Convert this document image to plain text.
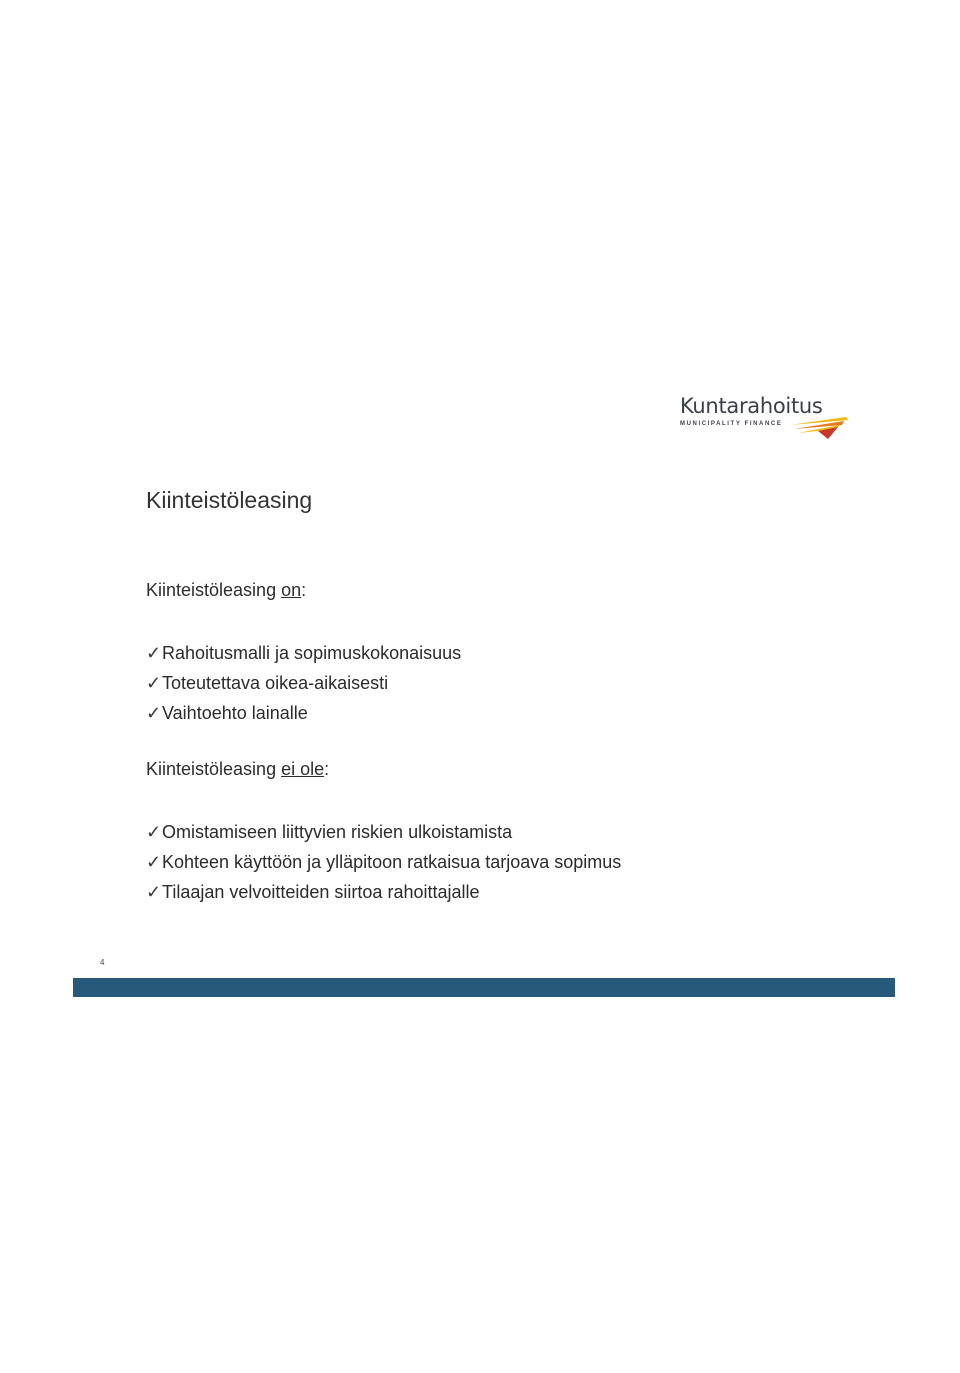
Kuntarahoitus
MUNICIPALITY FINANCE
Kiinteistöleasing
Kiinteistöleasing on:
✓Rahoitusmalli ja sopimuskokonaisuus
✓Toteutettava oikea-aikaisesti
✓Vaihtoehto lainalle
Kiinteistöleasing ei ole:
✓Omistamiseen liittyvien riskien ulkoistamista
✓Kohteen käyttöön ja ylläpitoon ratkaisua tarjoava sopimus
✓Tilaajan velvoitteiden siirtoa rahoittajalle
4
